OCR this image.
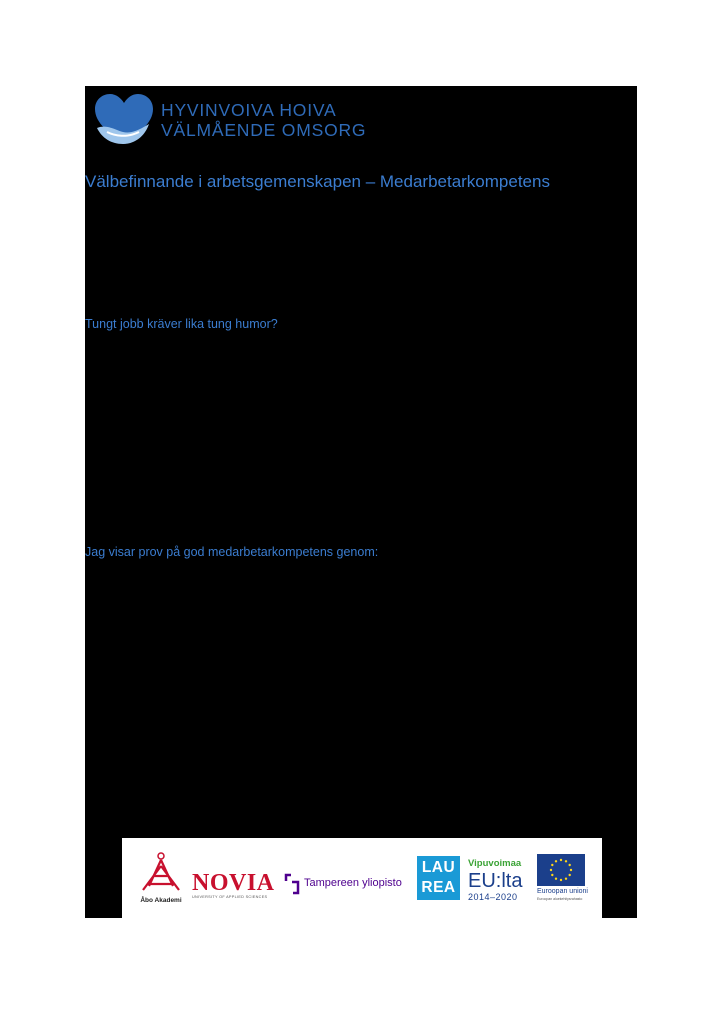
HYVINVOIVA HOIVA
VÄLMÅENDE OMSORG
Välbefinnande i arbetsgemenskapen – Medarbetarkompetens
Tungt jobb kräver lika tung humor?
Jag visar prov på god medarbetarkompetens genom:
Åbo Akademi
NOVIA
UNIVERSITY OF APPLIED SCIENCES
Tampereen yliopisto
LAU
REA
Vipuvoimaa
EU:lta
2014–2020
Euroopan unioni
Euroopan aluekehitysrahasto
